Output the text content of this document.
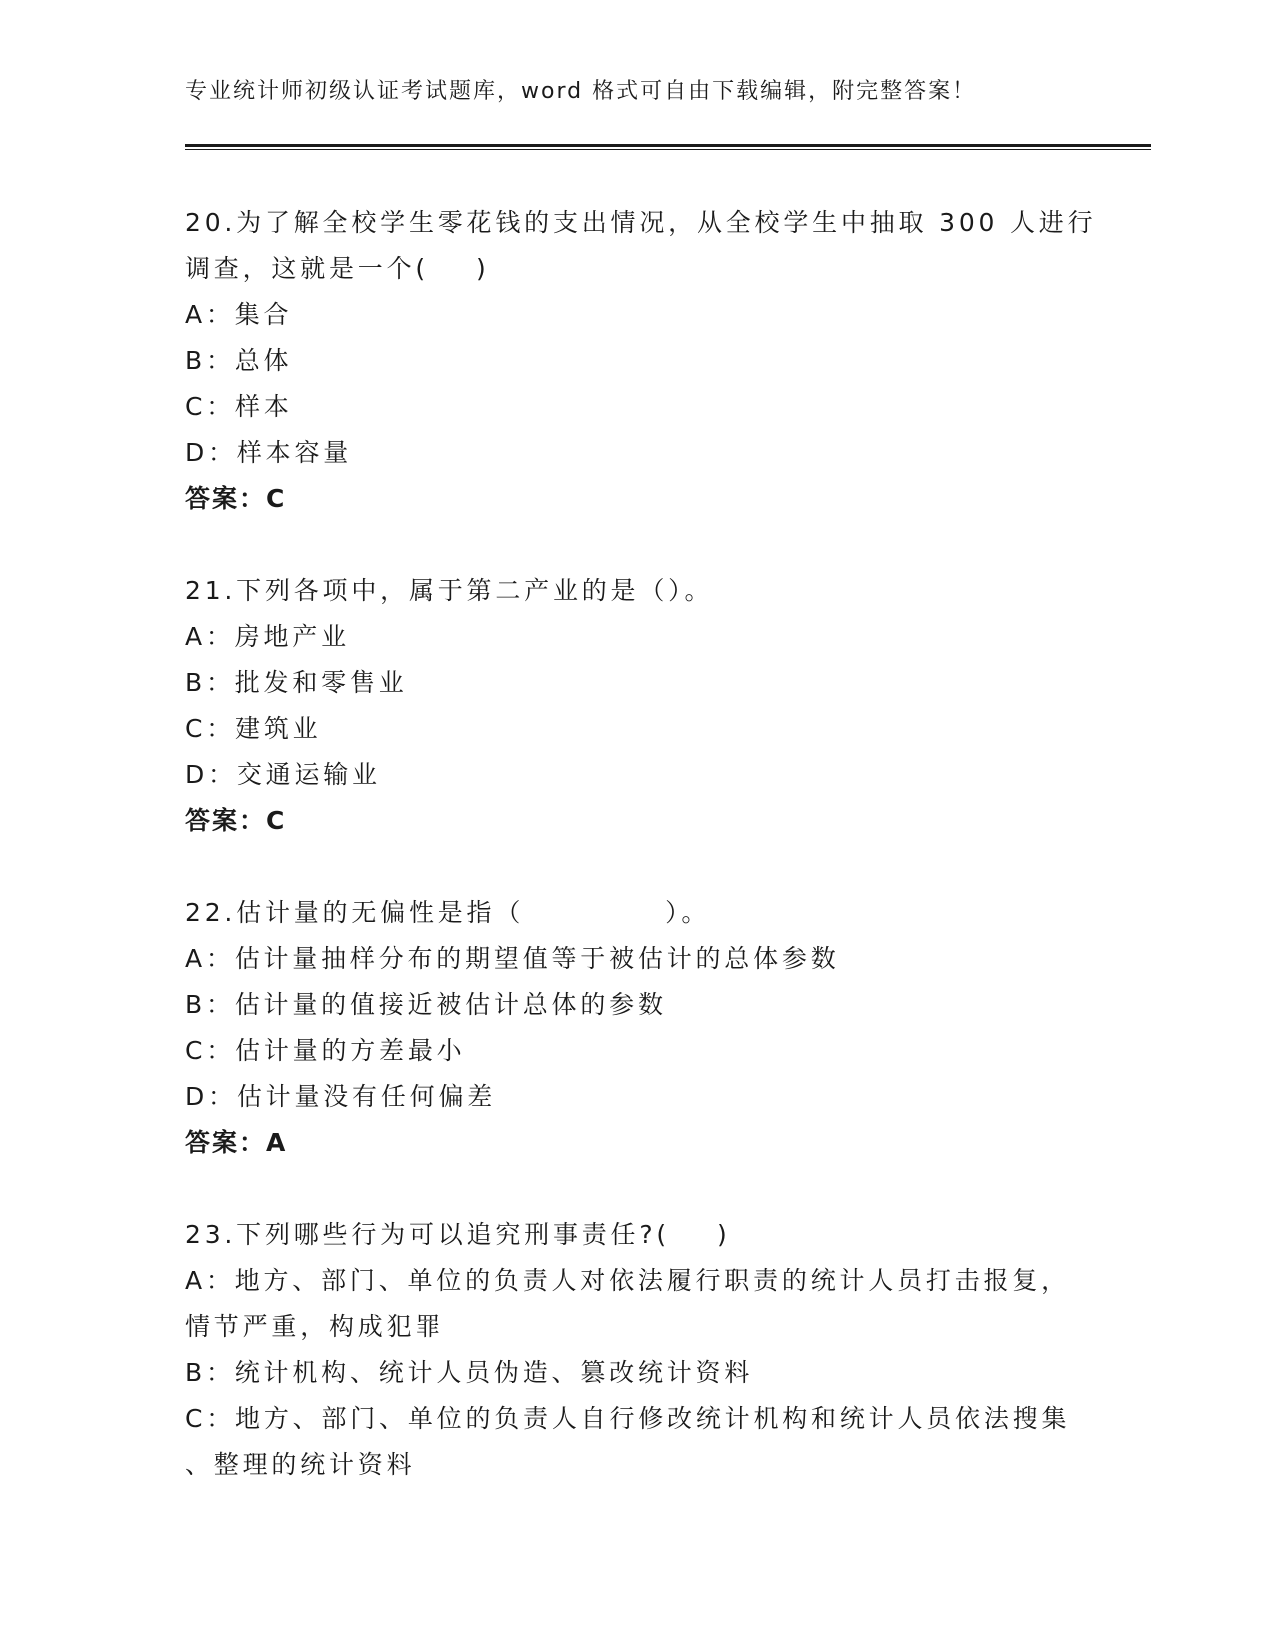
专业统计师初级认证考试题库，word 格式可自由下载编辑，附完整答案！
20.为了解全校学生零花钱的支出情况，从全校学生中抽取 300 人进行
调查，这就是一个(    )
A：集合
B：总体
C：样本
D：样本容量
答案：C
21.下列各项中，属于第二产业的是（）。
A：房地产业
B：批发和零售业
C：建筑业
D：交通运输业
答案：C
22.估计量的无偏性是指（            ）。
A：估计量抽样分布的期望值等于被估计的总体参数
B：估计量的值接近被估计总体的参数
C：估计量的方差最小
D：估计量没有任何偏差
答案：A
23.下列哪些行为可以追究刑事责任?(    )
A：地方、部门、单位的负责人对依法履行职责的统计人员打击报复，
情节严重，构成犯罪
B：统计机构、统计人员伪造、篡改统计资料
C：地方、部门、单位的负责人自行修改统计机构和统计人员依法搜集
、整理的统计资料
